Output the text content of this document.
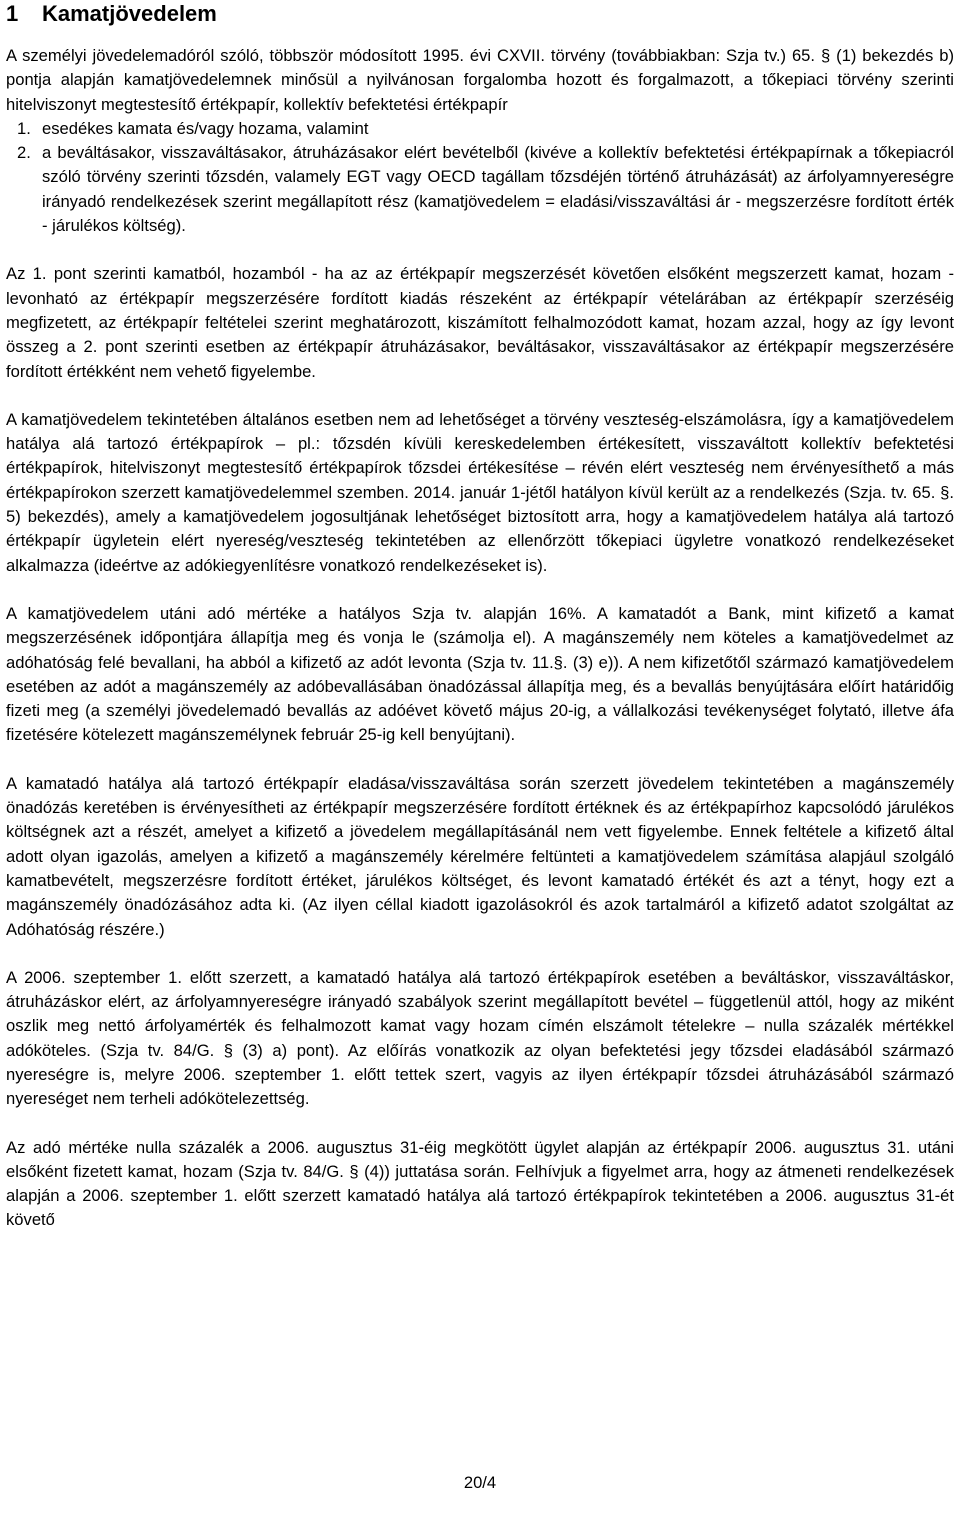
1 Kamatjövedelem

A személyi jövedelemadóról szóló, többször módosított 1995. évi CXVII. törvény (továbbiakban: Szja tv.) 65. § (1) bekezdés b) pontja alapján kamatjövedelemnek minősül a nyilvánosan forgalomba hozott és forgalmazott, a tőkepiaci törvény szerinti hitelviszonyt megtestesítő értékpapír, kollektív befektetési értékpapír

1. esedékes kamata és/vagy hozama, valamint
2. a beváltásakor, visszaváltásakor, átruházásakor elért bevételből (kivéve a kollektív befektetési értékpapírnak a tőkepiacról szóló törvény szerinti tőzsdén, valamely EGT vagy OECD tagállam tőzsdéjén történő átruházását) az árfolyamnyereségre irányadó rendelkezések szerint megállapított rész (kamatjövedelem = eladási/visszaváltási ár - megszerzésre fordított érték - járulékos költség).

Az 1. pont szerinti kamatból, hozamból - ha az az értékpapír megszerzését követően elsőként megszerzett kamat, hozam - levonható az értékpapír megszerzésére fordított kiadás részeként az értékpapír vételárában az értékpapír szerzéséig megfizetett, az értékpapír feltételei szerint meghatározott, kiszámított felhalmozódott kamat, hozam azzal, hogy az így levont összeg a 2. pont szerinti esetben az értékpapír átruházásakor, beváltásakor, visszaváltásakor az értékpapír megszerzésére fordított értékként nem vehető figyelembe.

A kamatjövedelem tekintetében általános esetben nem ad lehetőséget a törvény veszteség-elszámolásra, így a kamatjövedelem hatálya alá tartozó értékpapírok – pl.: tőzsdén kívüli kereskedelemben értékesített, visszaváltott kollektív befektetési értékpapírok, hitelviszonyt megtestesítő értékpapírok tőzsdei értékesítése – révén elért veszteség nem érvényesíthető a más értékpapírokon szerzett kamatjövedelemmel szemben. 2014. január 1-jétől hatályon kívül került az a rendelkezés (Szja. tv. 65. §. 5) bekezdés), amely a kamatjövedelem jogosultjának lehetőséget biztosított arra, hogy a kamatjövedelem hatálya alá tartozó értékpapír ügyletein elért nyereség/veszteség tekintetében az ellenőrzött tőkepiaci ügyletre vonatkozó rendelkezéseket alkalmazza (ideértve az adókiegyenlítésre vonatkozó rendelkezéseket is).

A kamatjövedelem utáni adó mértéke a hatályos Szja tv. alapján 16%. A kamatadót a Bank, mint kifizető a kamat megszerzésének időpontjára állapítja meg és vonja le (számolja el). A magánszemély nem köteles a kamatjövedelmet az adóhatóság felé bevallani, ha abból a kifizető az adót levonta (Szja tv. 11.§. (3) e)). A nem kifizetőtől származó kamatjövedelem esetében az adót a magánszemély az adóbevallásában önadózással állapítja meg, és a bevallás benyújtására előírt határidőig fizeti meg (a személyi jövedelemadó bevallás az adóévet követő május 20-ig, a vállalkozási tevékenységet folytató, illetve áfa fizetésére kötelezett magánszemélynek február 25-ig kell benyújtani).

A kamatadó hatálya alá tartozó értékpapír eladása/visszaváltása során szerzett jövedelem tekintetében a magánszemély önadózás keretében is érvényesítheti az értékpapír megszerzésére fordított értéknek és az értékpapírhoz kapcsolódó járulékos költségnek azt a részét, amelyet a kifizető a jövedelem megállapításánál nem vett figyelembe. Ennek feltétele a kifizető által adott olyan igazolás, amelyen a kifizető a magánszemély kérelmére feltünteti a kamatjövedelem számítása alapjául szolgáló kamatbevételt, megszerzésre fordított értéket, járulékos költséget, és levont kamatadó értékét és azt a tényt, hogy ezt a magánszemély önadózásához adta ki. (Az ilyen céllal kiadott igazolásokról és azok tartalmáról a kifizető adatot szolgáltat az Adóhatóság részére.)

A 2006. szeptember 1. előtt szerzett, a kamatadó hatálya alá tartozó értékpapírok esetében a beváltáskor, visszaváltáskor, átruházáskor elért, az árfolyamnyereségre irányadó szabályok szerint megállapított bevétel – függetlenül attól, hogy az miként oszlik meg nettó árfolyamérték és felhalmozott kamat vagy hozam címén elszámolt tételekre – nulla százalék mértékkel adóköteles. (Szja tv. 84/G. § (3) a) pont). Az előírás vonatkozik az olyan befektetési jegy tőzsdei eladásából származó nyereségre is, melyre 2006. szeptember 1. előtt tettek szert, vagyis az ilyen értékpapír tőzsdei átruházásából származó nyereséget nem terheli adókötelezettség.

Az adó mértéke nulla százalék a 2006. augusztus 31-éig megkötött ügylet alapján az értékpapír 2006. augusztus 31. utáni elsőként fizetett kamat, hozam (Szja tv. 84/G. § (4)) juttatása során. Felhívjuk a figyelmet arra, hogy az átmeneti rendelkezések alapján a 2006. szeptember 1. előtt szerzett kamatadó hatálya alá tartozó értékpapírok tekintetében a 2006. augusztus 31-ét követő

20/4
